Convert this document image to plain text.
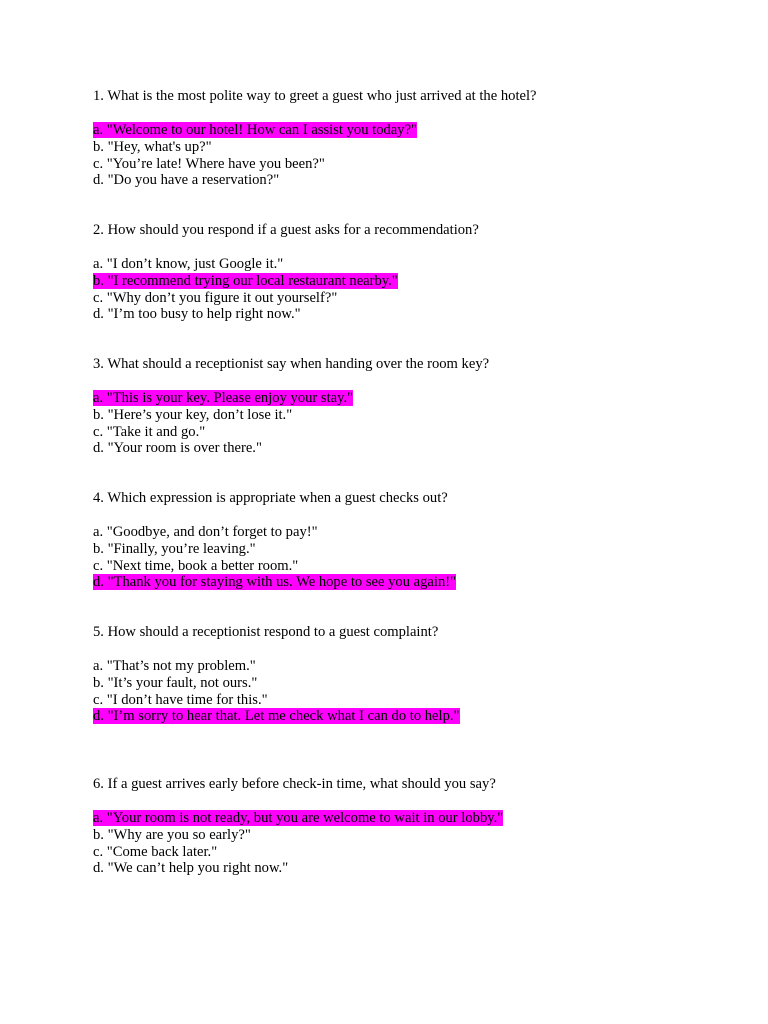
1. What is the most polite way to greet a guest who just arrived at the hotel?
a. "Welcome to our hotel! How can I assist you today?"
b. "Hey, what's up?"
c. "You’re late! Where have you been?"
d. "Do you have a reservation?"
2. How should you respond if a guest asks for a recommendation?
a. "I don’t know, just Google it."
b. "I recommend trying our local restaurant nearby."
c. "Why don’t you figure it out yourself?"
d. "I’m too busy to help right now."
3. What should a receptionist say when handing over the room key?
a. "This is your key. Please enjoy your stay."
b. "Here’s your key, don’t lose it."
c. "Take it and go."
d. "Your room is over there."
4. Which expression is appropriate when a guest checks out?
a. "Goodbye, and don’t forget to pay!"
b. "Finally, you’re leaving."
c. "Next time, book a better room."
d. "Thank you for staying with us. We hope to see you again!"
5. How should a receptionist respond to a guest complaint?
a. "That’s not my problem."
b. "It’s your fault, not ours."
c. "I don’t have time for this."
d. "I’m sorry to hear that. Let me check what I can do to help."
6. If a guest arrives early before check-in time, what should you say?
a. "Your room is not ready, but you are welcome to wait in our lobby."
b. "Why are you so early?"
c. "Come back later."
d. "We can’t help you right now."
